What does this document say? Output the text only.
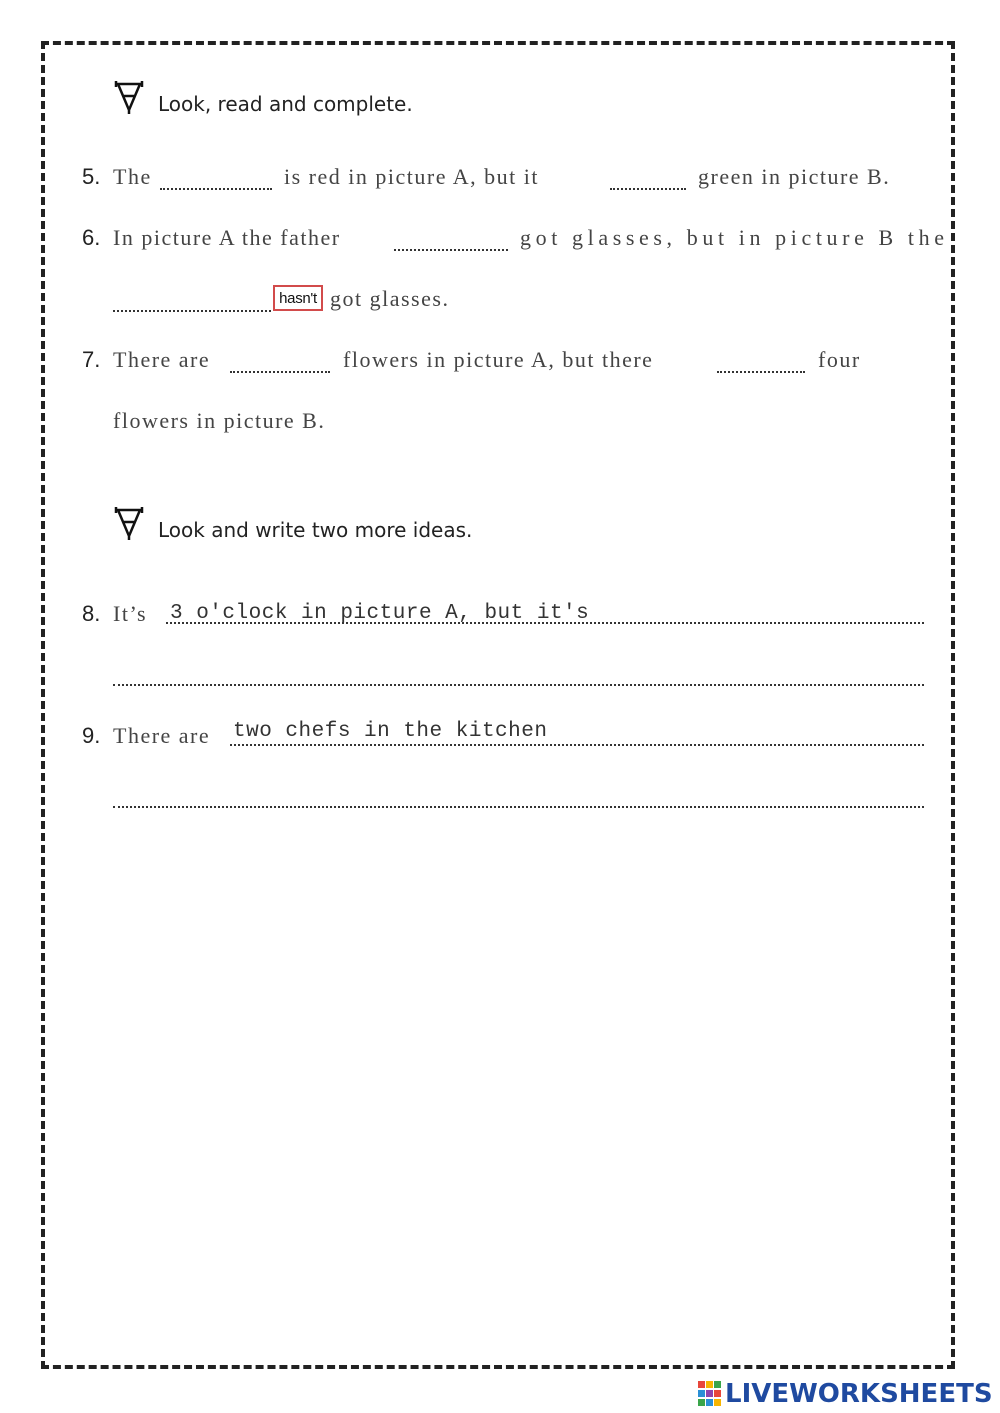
Look, read and complete.
5. The	is red in picture A, but it	green in picture B.
6. In picture A the father	got glasses, but in picture B the
hasn't got glasses.
7. There are	flowers in picture A, but there	four
flowers in picture B.
Look and write two more ideas.
8. It’s 3 o'clock in picture A, but it's
9. There are two chefs in the kitchen
LIVEWORKSHEETS
